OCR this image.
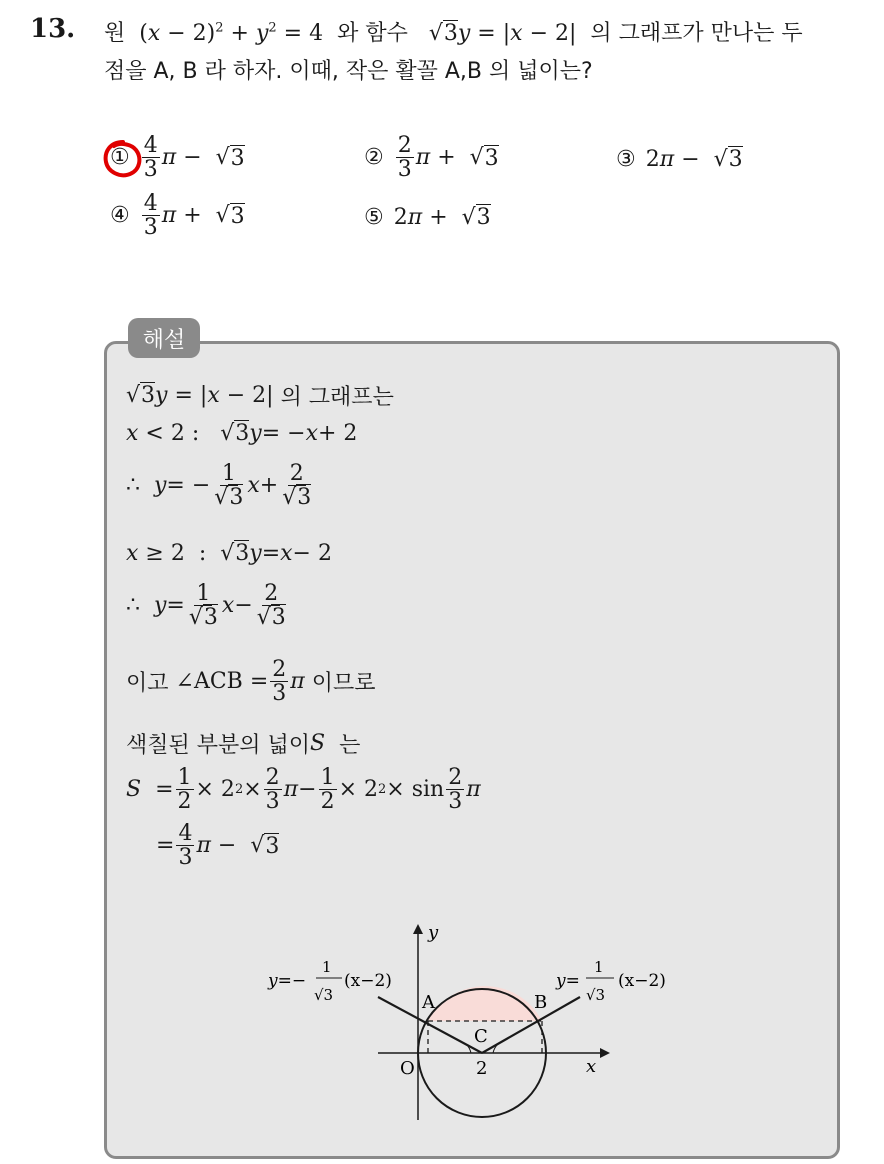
13. 원  $(x - 2)^2 + y^2 = 4$  와 함수   √3y = |x − 2|  의 그래프가 만나는 두
점을 A, B 라 하자. 이때, 작은 활꼴 A,B 의 넓이는?
① $\frac{4}{3}$ π −  √ 3	② $\frac{2}{3}$ π +  √ 3	③ 2 π −  √ 3
④ $\frac{4}{3}$ π +  √ 3	⑤ 2 π +  √ 3
해설
√3y = |x − 2| 의 그래프는
x < 2 :   √ 3 y = − x + 2
∴ y = − $\frac{1}{√3}$ $x + \frac{2}{√3}$
x ≥ 2  :  √ 3 y = x − 2
∴ $y = \frac{1}{√3}$ $x - \frac{2}{√3}$
이고 ∠ACB = $\frac{2}{3}$ π
이므로
색칠된 부분의 넓이 S
는
$S = \frac{1}{2} \times 2$ $2 \times \frac{2}{3}$ $\pi - \frac{1}{2} \times 2$ $2 \times \sin \frac{2}{3}$ π
= $\frac{4}{3}$ π −  √ 3
y
x
O
A	B
C
2
y=−
1
√3
(x−2)	y=
1
√3
(x−2)
